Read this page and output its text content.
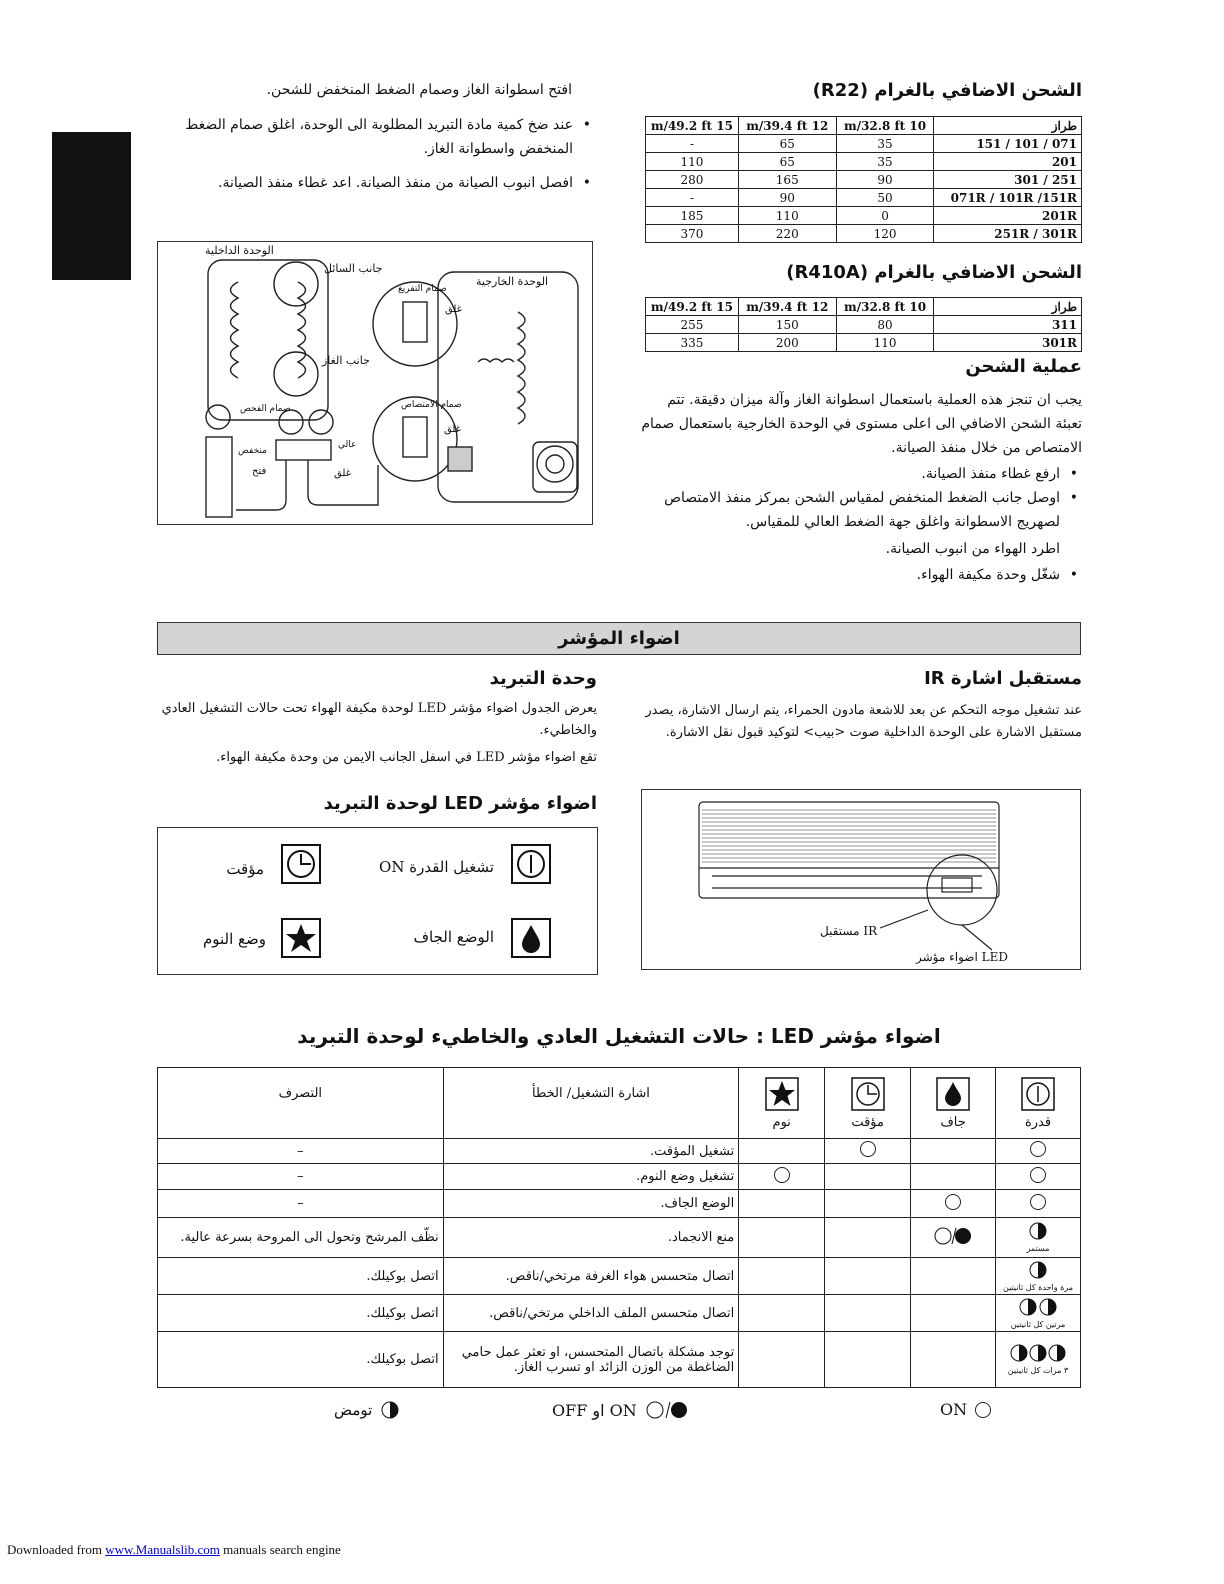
الشحن الاضافي بالغرام (R22)
طراز	10 m/32.8 ft	12 m/39.4 ft	15 m/49.2 ft
071 / 101 / 151	35	65	-
201	35	65	110
251 / 301	90	165	280
071R / 101R /151R	50	90	-
201R	0	110	185
251R / 301R	120	220	370
الشحن الاضافي بالغرام (R410A)
طراز	10 m/32.8 ft	12 m/39.4 ft	15 m/49.2 ft
311	80	150	255
301R	110	200	335
عملية الشحن

يجب ان تنجز هذه العملية باستعمال اسطوانة الغاز وآلة ميزان دقيقة. تتم تعبئة الشحن الاضافي الى اعلى مستوى في الوحدة الخارجية باستعمال صمام الامتصاص من خلال منفذ الصيانة.

• ارفع غطاء منفذ الصيانة.
• اوصل جانب الضغط المنخفض لمقياس الشحن بمركز منفذ الامتصاص لصهريج الاسطوانة واغلق جهة الضغط العالي للمقياس.

اطرد الهواء من انبوب الصيانة.

• شغّل وحدة مكيفة الهواء.

افتح اسطوانة الغاز وصمام الضغط المنخفض للشحن.

• عند ضخ كمية مادة التبريد المطلوبة الى الوحدة، اغلق صمام الضغط المنخفض واسطوانة الغاز.
• افصل انبوب الصيانة من منفذ الصيانة. اعد غطاء منفذ الصيانة.
الوحدة الداخلية
جانب السائل
الوحدة الخارجية
صمام التفريغ
غلق
جانب الغاز
صمام الفحص	صمام الامتصاص
غلق
منخفض
عالي
فتح	غلق
اضواء المؤشر
مستقبل اشارة IR

عند تشغيل موجه التحكم عن بعد للاشعة مادون الحمراء، يتم ارسال الاشارة، يصدر مستقبل الاشارة على الوحدة الداخلية صوت <بيب> لتوكيد قبول نقل الاشارة.

وحدة التبريد

يعرض الجدول اضواء مؤشر LED لوحدة مكيفة الهواء تحت حالات التشغيل العادي والخاطيء.

تقع اضواء مؤشر LED في اسفل الجانب الايمن من وحدة مكيفة الهواء.

مستقبل IR
اضواء مؤشر LED
اضواء مؤشر LED لوحدة التبريد
تشغيل القدرة ON
مؤقت
الوضع الجاف
وضع النوم
اضواء مؤشر LED : حالات التشغيل العادي والخاطيء لوحدة التبريد
قدرة	جاف	مؤقت	نوم	اشارة التشغيل/ الخطأ	التصرف
				تشغيل المؤقت.	–
				تشغيل وضع النوم.	–
				الوضع الجاف.	–

مستمر				منع الانجماد.	نظّف المرشح وتحول الى المروحة بسرعة عالية.

مرة واحدة كل ثانيتين				اتصال متحسس هواء الغرفة مرتخي/ناقص.	اتصل بوكيلك.

مرتين كل ثانيتين				اتصال متحسس الملف الداخلي مرتخي/ناقص.	اتصل بوكيلك.

٣ مرات كل ثانيتين				توجد مشكلة باتصال المتحسس، او تعثر عمل حامي الضاغطة من الوزن الزائد او تسرب الغاز.	اتصل بوكيلك.
ON
ON او OFF
تومض
Downloaded from www.Manualslib.com manuals search engine
